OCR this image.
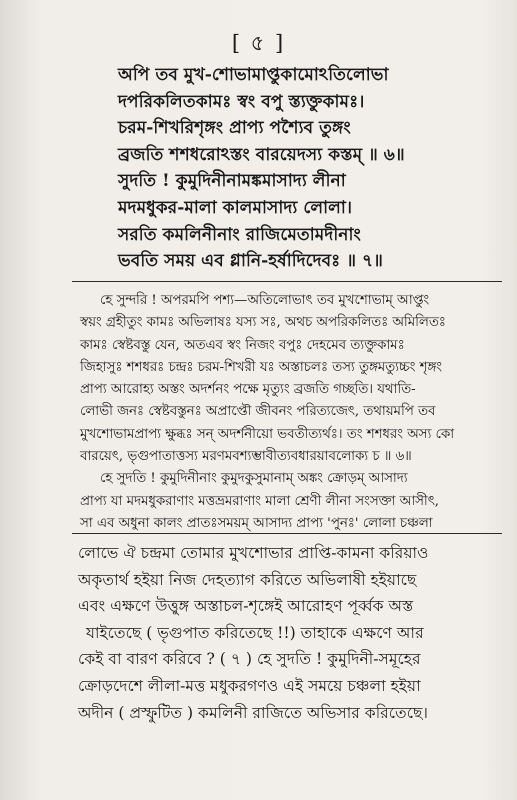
[ ৫ ]
অপি তব মুখ-শোভামাপ্তুকামোঽতিলোভা
দপরিকলিতকামঃ স্বং বপু স্ত্যক্তুকামঃ।
চরম-শিখরিশৃঙ্গং প্রাপ্য পশ্যৈব তুঙ্গং
ব্রজতি শশধরোঽস্তং বারয়েদস্য কস্তম্ ॥ ৬॥
সুদতি ! কুমুদিনীনামঙ্কমাসাদ্য লীনা
মদমধুকর-মালা কালমাসাদ্য লোলা।
সরতি কমলিনীনাং রাজিমেতামদীনাং
ভবতি সময় এব গ্লানি-হর্ষাদিদেবঃ ॥ ৭॥
হে সুন্দরি ! অপরমপি পশ্য—অতিলোভাৎ তব মুখশোভাম্ আপ্তুং
স্বয়ং গ্রহীতুং কামঃ অভিলাষঃ যস্য সঃ, অথচ অপরিকলিতঃ অমিলিতঃ
কামঃ স্বেষ্টবস্তু যেন, অতএব স্বং নিজং বপুঃ দেহমেব ত্যক্তুকামঃ
জিহাসুঃ শশধরঃ চন্দ্রঃ চরম-শিখরী যঃ অস্তাচলঃ তস্য তুঙ্গমত্যুচ্চং শৃঙ্গং
প্রাপ্য আরোহ্য অস্তং অদর্শনং পক্ষে মৃত্যুং ব্রজতি গচ্ছতি। যথাতি-
লোভী জনঃ স্বেষ্টবস্তুনঃ অপ্রাপ্তৌ জীবনং পরিত্যজেৎ, তথায়মপি তব
মুখশোভামপ্রাপ্য ক্ষুব্ধঃ সন্ অদর্শনীয়ো ভবতীত্যর্থঃ। তং শশধরং অস্য কো
বারয়েৎ, ভৃগুপাতাত্তস্য মরণমবশ্যম্ভাবীত্যবধারয়াবলোক্য চ ॥ ৬॥
হে সুদতি ! কুমুদিনীনাং কুমুদকুসুমানাম্ অঙ্কং ক্রোড়ম্ আসাদ্য
প্রাপ্য যা মদমধুকরাণাং মত্তভ্রমরাণাং মালা শ্রেণী লীনা সংসক্তা আসীৎ,
সা এব অধুনা কালং প্রাতঃসময়ম্ আসাদ্য প্রাপ্য 'পুনঃ' লোলা চঞ্চলা
লোভে ঐ চন্দ্রমা তোমার মুখশোভার প্রাপ্তি-কামনা করিয়াও
অকৃতার্থ হইয়া নিজ দেহত্যাগ করিতে অভিলাষী হইয়াছে
এবং এক্ষণে উত্তুঙ্গ অস্তাচল-শৃঙ্গেই আরোহণ পূর্ব্বক অস্ত
যাইতেছে ( ভৃগুপাত করিতেছে !!) তাহাকে এক্ষণে আর
কেই বা বারণ করিবে ? ( ৭ ) হে সুদতি ! কুমুদিনী-সমূহের
ক্রোড়দেশে লীলা-মত্ত মধুকরগণও এই সময়ে চঞ্চলা হইয়া
অদীন ( প্রস্ফুটিত ) কমলিনী রাজিতে অভিসার করিতেছে।
